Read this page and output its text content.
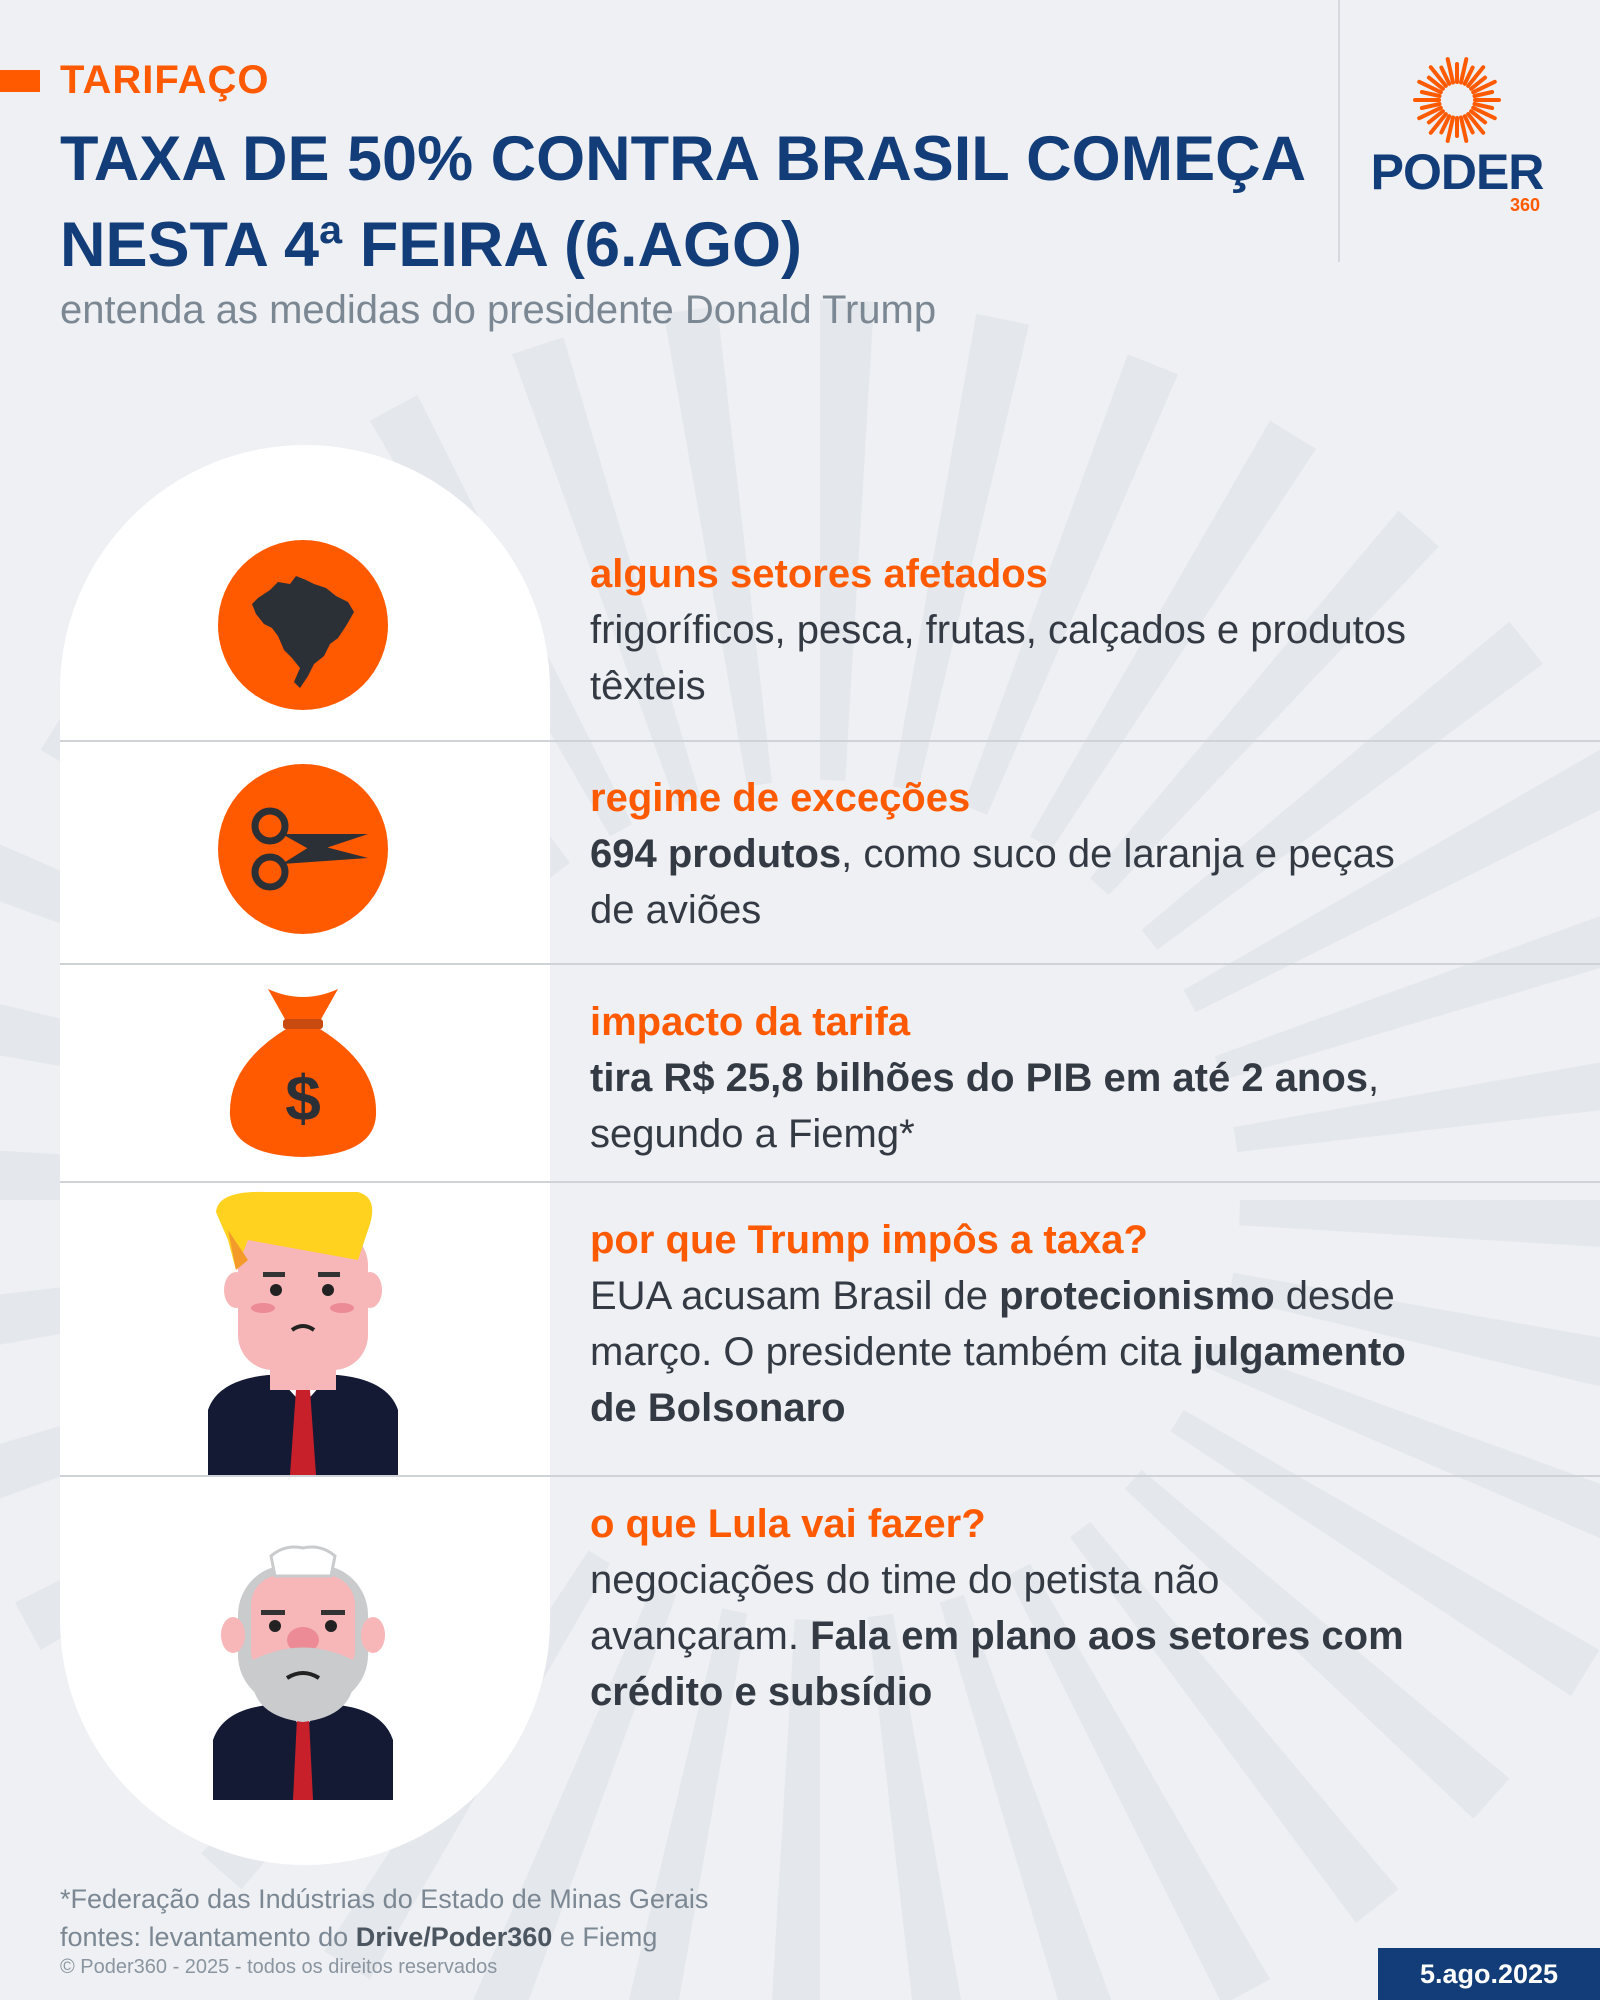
TARIFAÇO
TAXA DE 50% CONTRA BRASIL COMEÇA NESTA 4ª FEIRA (6.AGO)
entenda as medidas do presidente Donald Trump
PODER
360
alguns setores afetados
frigoríficos, pesca, frutas, calçados e produtos têxteis
regime de exceções
694 produtos, como suco de laranja e peças de aviões
$
impacto da tarifa
tira R$ 25,8 bilhões do PIB em até 2 anos, segundo a Fiemg*
por que Trump impôs a taxa?
EUA acusam Brasil de protecionismo desde março. O presidente também cita julgamento de Bolsonaro
o que Lula vai fazer?
negociações do time do petista não avançaram. Fala em plano aos setores com crédito e subsídio
*Federação das Indústrias do Estado de Minas Gerais
fontes: levantamento do Drive/Poder360 e Fiemg
© Poder360 - 2025 - todos os direitos reservados	5.ago.2025
